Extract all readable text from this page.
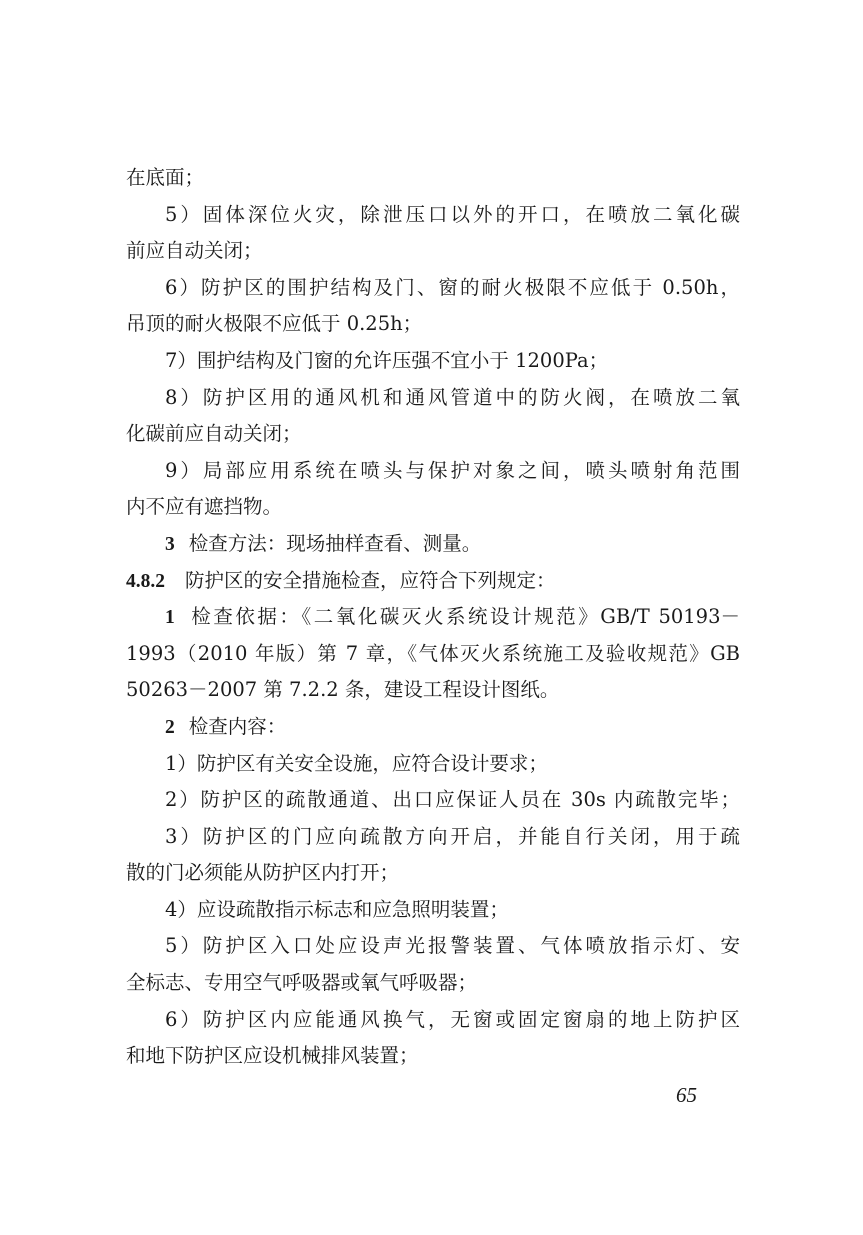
在底面；
5）固体深位火灾，除泄压口以外的开口，在喷放二氧化碳
前应自动关闭；
6）防护区的围护结构及门、窗的耐火极限不应低于 0.50h，
吊顶的耐火极限不应低于 0.25h；
7）围护结构及门窗的允许压强不宜小于 1200Pa；
8）防护区用的通风机和通风管道中的防火阀，在喷放二氧
化碳前应自动关闭；
9）局部应用系统在喷头与保护对象之间，喷头喷射角范围
内不应有遮挡物。
3 检查方法：现场抽样查看、测量。
4.8.2 防护区的安全措施检查，应符合下列规定：
1 检查依据：《二氧化碳灭火系统设计规范》GB/T 50193－
1993（2010 年版）第 7 章，《气体灭火系统施工及验收规范》GB
50263－2007 第 7.2.2 条，建设工程设计图纸。
2 检查内容：
1）防护区有关安全设施，应符合设计要求；
2）防护区的疏散通道、出口应保证人员在 30s 内疏散完毕；
3）防护区的门应向疏散方向开启，并能自行关闭，用于疏
散的门必须能从防护区内打开；
4）应设疏散指示标志和应急照明装置；
5）防护区入口处应设声光报警装置、气体喷放指示灯、安
全标志、专用空气呼吸器或氧气呼吸器；
6）防护区内应能通风换气，无窗或固定窗扇的地上防护区
和地下防护区应设机械排风装置；
65
